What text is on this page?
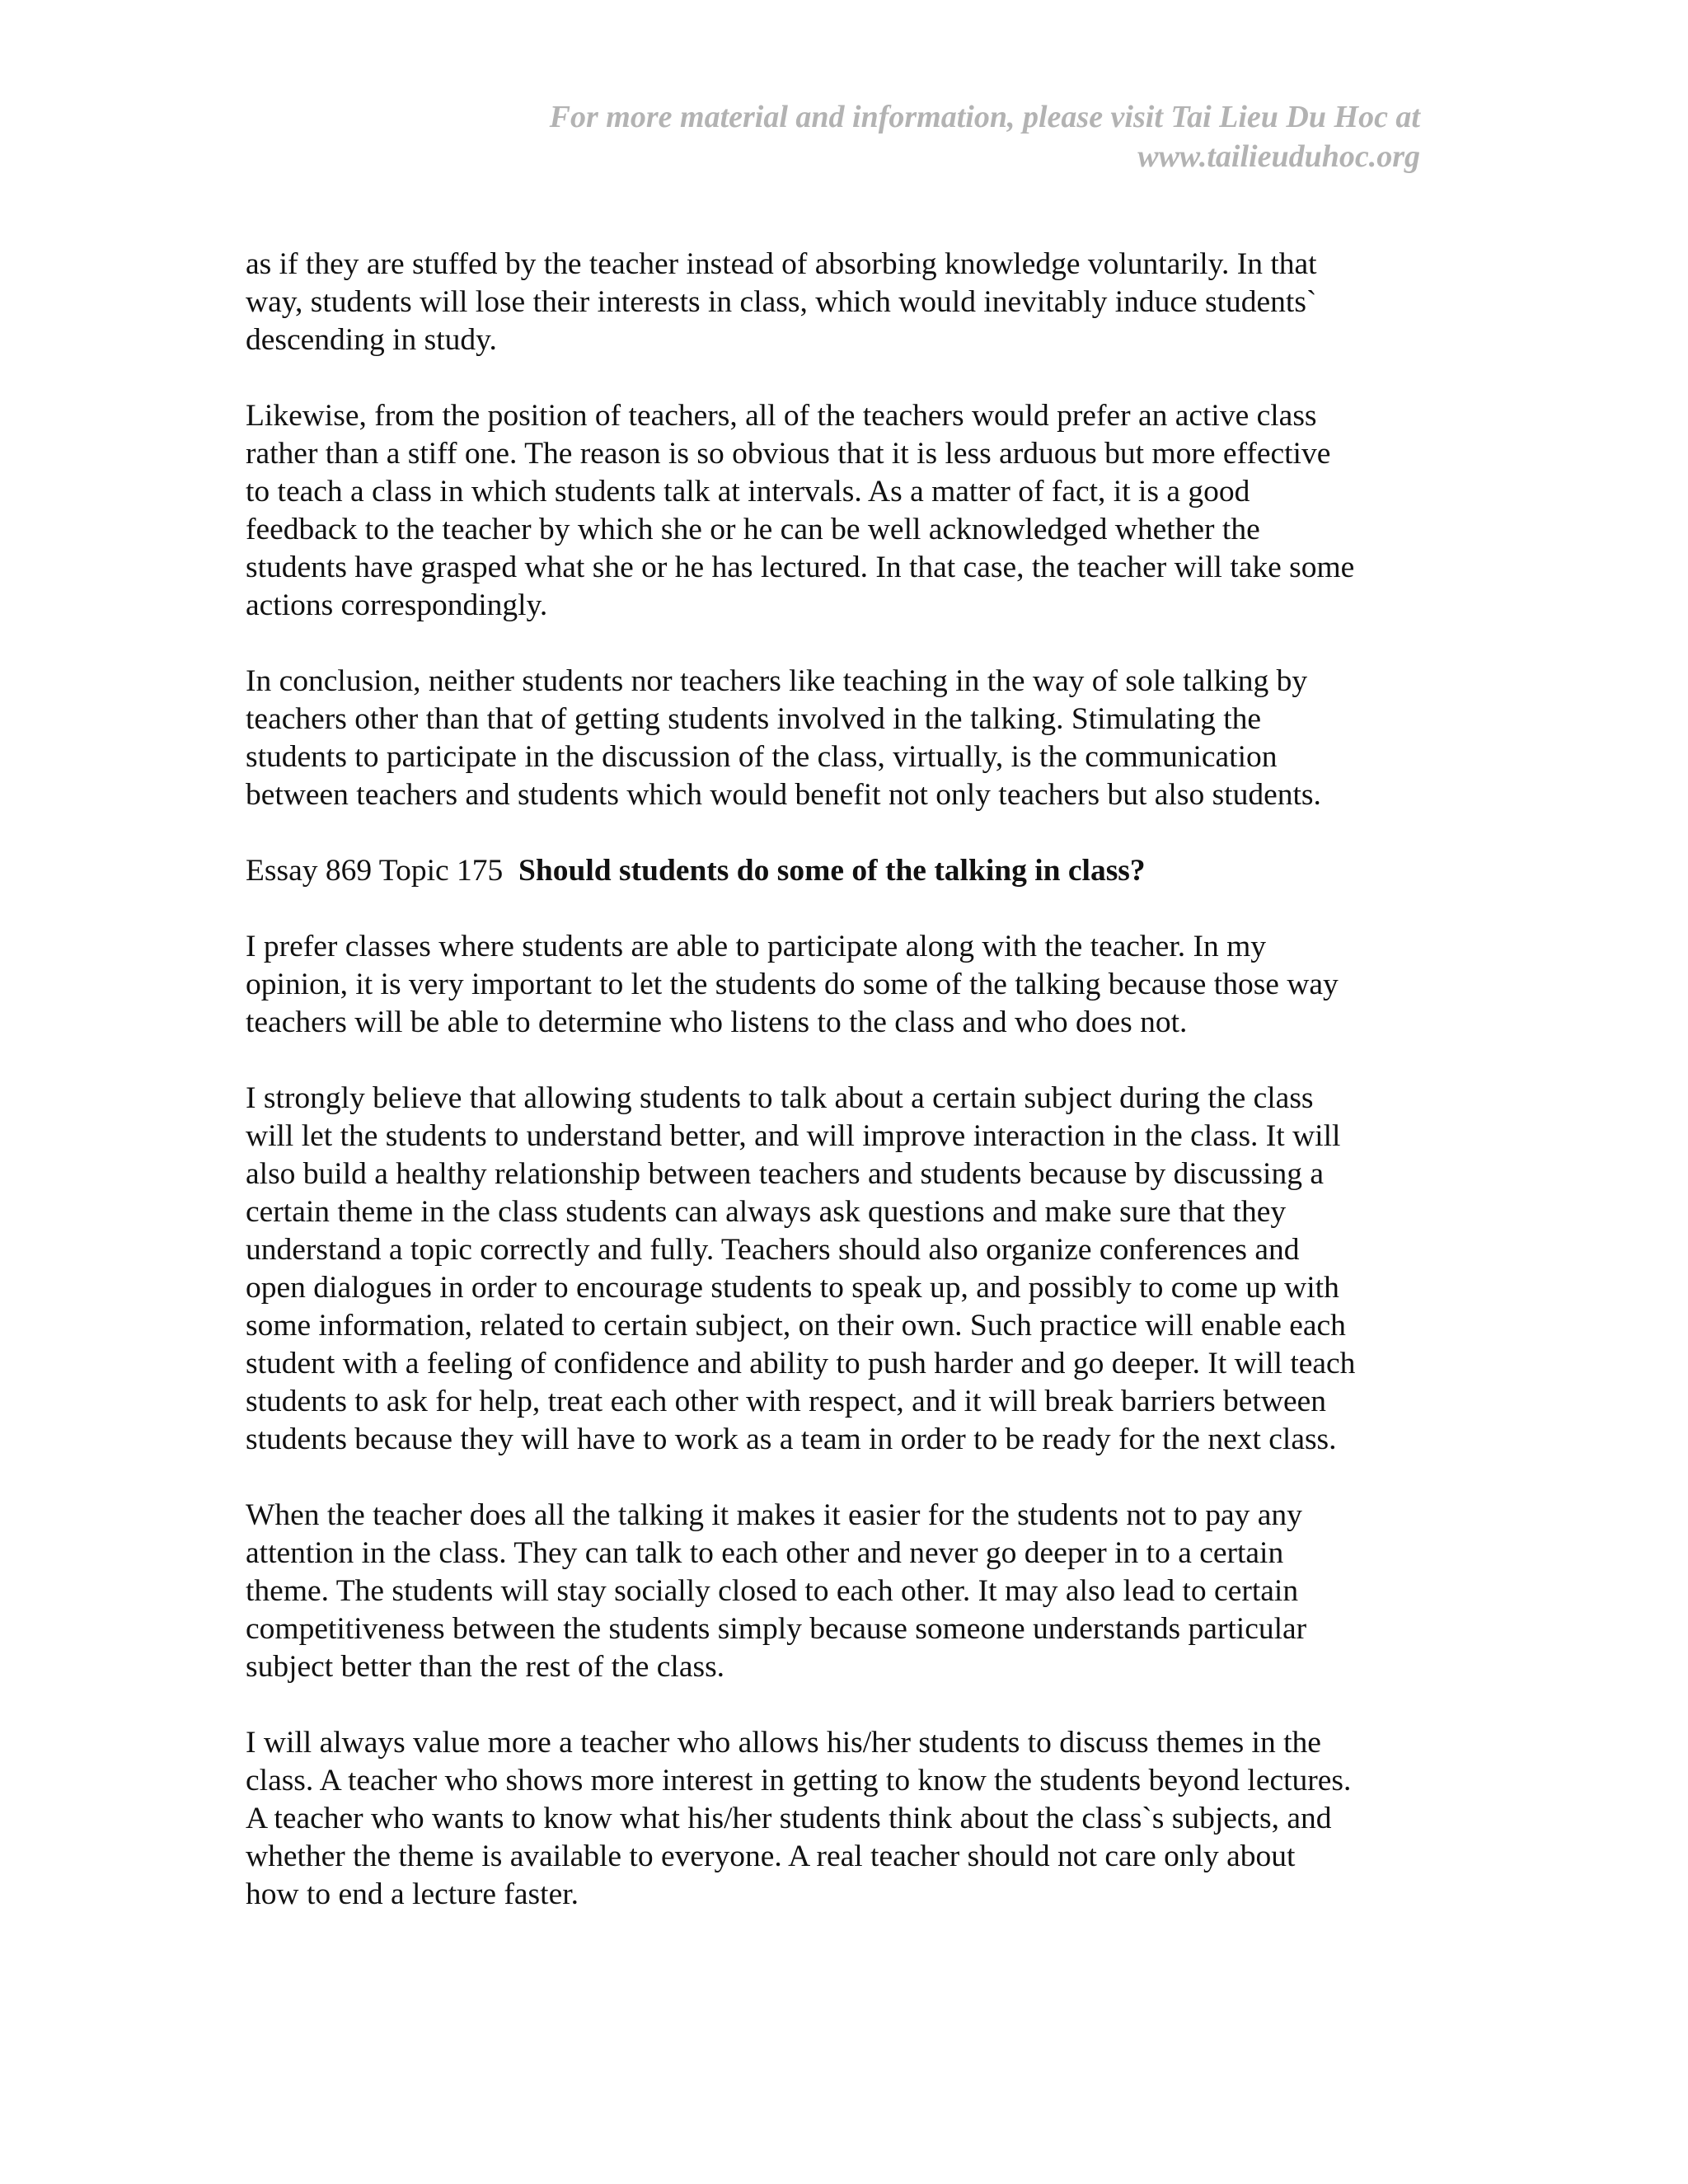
For more material and information, please visit Tai Lieu Du Hoc at
www.tailieuduhoc.org

as if they are stuffed by the teacher instead of absorbing knowledge voluntarily. In that
way, students will lose their interests in class, which would inevitably induce students`
descending in study.

Likewise, from the position of teachers, all of the teachers would prefer an active class
rather than a stiff one. The reason is so obvious that it is less arduous but more effective
to teach a class in which students talk at intervals. As a matter of fact, it is a good
feedback to the teacher by which she or he can be well acknowledged whether the
students have grasped what she or he has lectured. In that case, the teacher will take some
actions correspondingly.

In conclusion, neither students nor teachers like teaching in the way of sole talking by
teachers other than that of getting students involved in the talking. Stimulating the
students to participate in the discussion of the class, virtually, is the communication
between teachers and students which would benefit not only teachers but also students.

Essay 869 Topic 175 Should students do some of the talking in class?

I prefer classes where students are able to participate along with the teacher. In my
opinion, it is very important to let the students do some of the talking because those way
teachers will be able to determine who listens to the class and who does not.

I strongly believe that allowing students to talk about a certain subject during the class
will let the students to understand better, and will improve interaction in the class. It will
also build a healthy relationship between teachers and students because by discussing a
certain theme in the class students can always ask questions and make sure that they
understand a topic correctly and fully. Teachers should also organize conferences and
open dialogues in order to encourage students to speak up, and possibly to come up with
some information, related to certain subject, on their own. Such practice will enable each
student with a feeling of confidence and ability to push harder and go deeper. It will teach
students to ask for help, treat each other with respect, and it will break barriers between
students because they will have to work as a team in order to be ready for the next class.

When the teacher does all the talking it makes it easier for the students not to pay any
attention in the class. They can talk to each other and never go deeper in to a certain
theme. The students will stay socially closed to each other. It may also lead to certain
competitiveness between the students simply because someone understands particular
subject better than the rest of the class.

I will always value more a teacher who allows his/her students to discuss themes in the
class. A teacher who shows more interest in getting to know the students beyond lectures.
A teacher who wants to know what his/her students think about the class`s subjects, and
whether the theme is available to everyone. A real teacher should not care only about
how to end a lecture faster.
